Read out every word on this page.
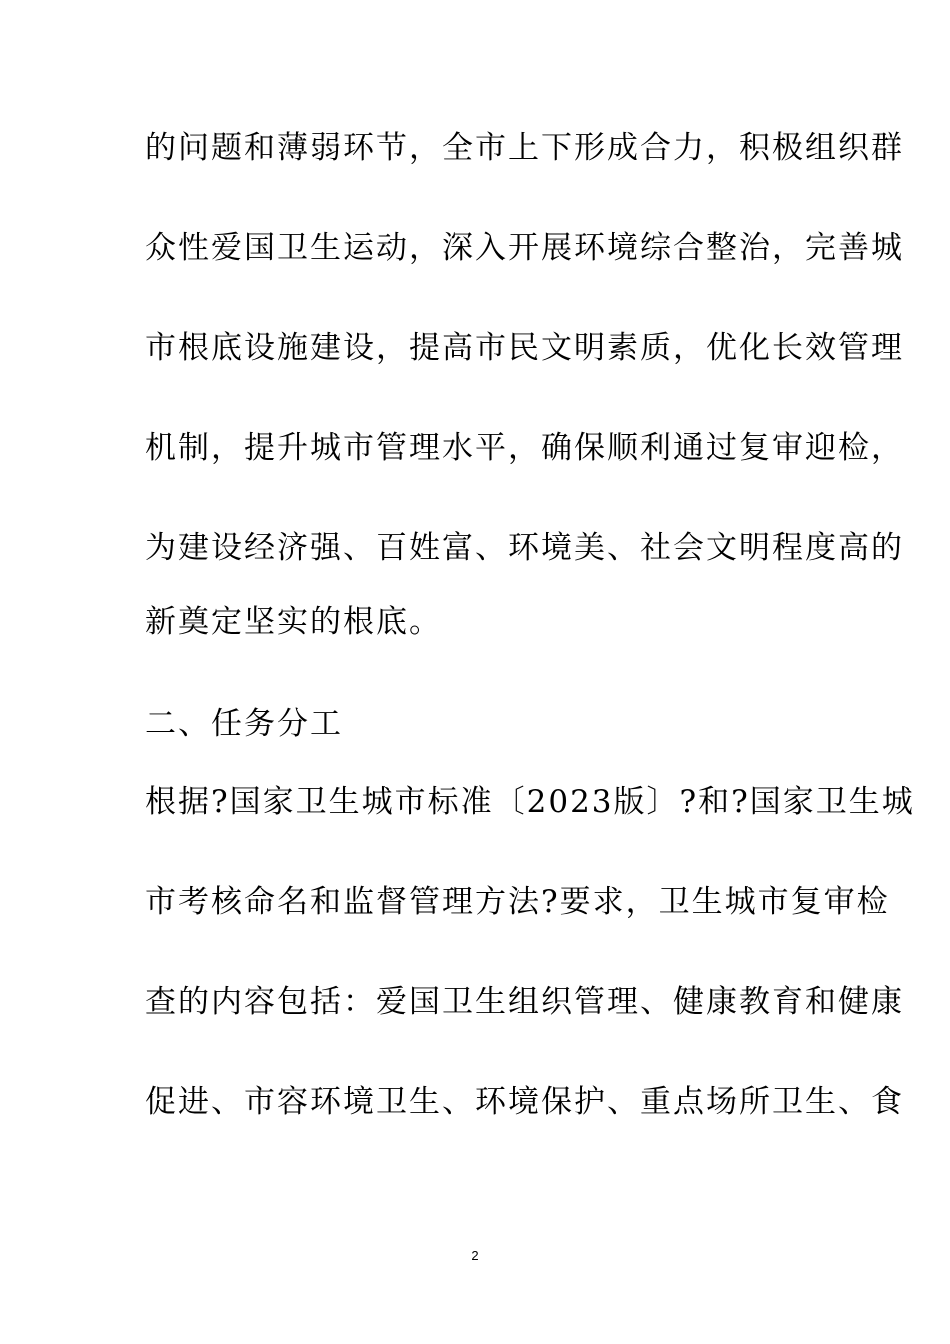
的问题和薄弱环节，全市上下形成合力，积极组织群
众性爱国卫生运动，深入开展环境综合整治，完善城
市根底设施建设，提高市民文明素质，优化长效管理
机制，提升城市管理水平，确保顺利通过复审迎检，
为建设经济强、百姓富、环境美、社会文明程度高的
新奠定坚实的根底。
二、任务分工
根据?国家卫生城市标准〔2023版〕?和?国家卫生城
市考核命名和监督管理方法?要求，卫生城市复审检
查的内容包括：爱国卫生组织管理、健康教育和健康
促进、市容环境卫生、环境保护、重点场所卫生、食
2
